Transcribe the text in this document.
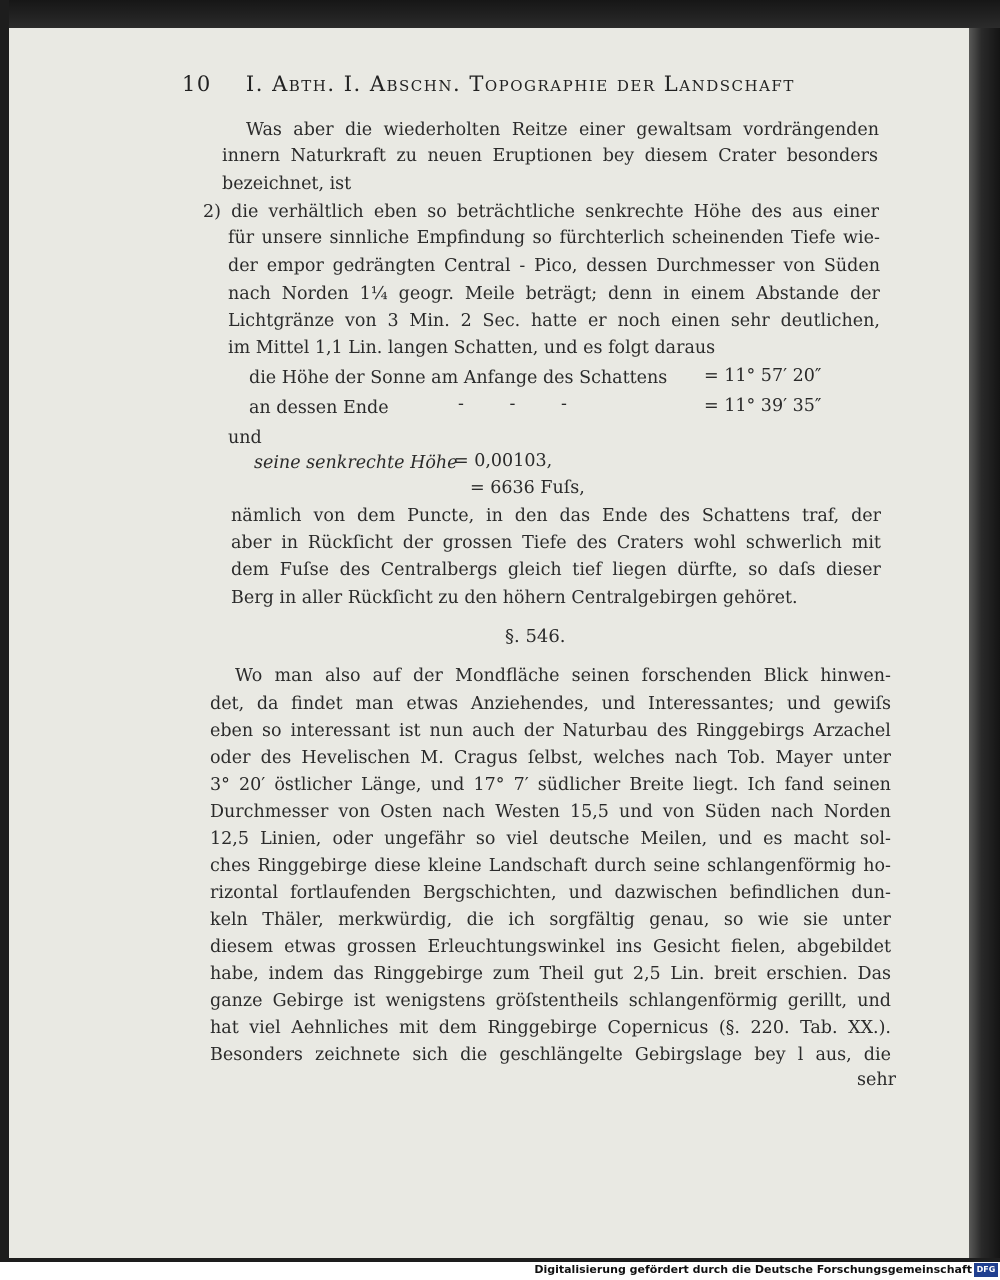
10 I. Abth. I. Abschn. Topographie der Landschaft
Was aber die wiederholten Reitze einer gewaltsam vordrängenden
innern Naturkraft zu neuen Eruptionen bey diesem Crater besonders
bezeichnet, ist
2) die verhältlich eben so beträchtliche senkrechte Höhe des aus einer
für unsere sinnliche Empfindung so fürchterlich scheinenden Tiefe wie-
der empor gedrängten Central - Pico, dessen Durchmesser von Süden
nach Norden 1¼ geogr. Meile beträgt; denn in einem Abstande der
Lichtgränze von 3 Min. 2 Sec. hatte er noch einen sehr deutlichen,
im Mittel 1,1 Lin. langen Schatten, und es folgt daraus
die Höhe der Sonne am Anfange des Schattens = 11° 57′ 20″
an dessen Ende	- - -	= 11° 39′ 35″
und
seine senkrechte Höhe
= 0,00103,
= 6636 Fuſs,
nämlich von dem Puncte, in den das Ende des Schattens traf, der
aber in Rückſicht der grossen Tiefe des Craters wohl schwerlich mit
dem Fuſse des Centralbergs gleich tief liegen dürfte, so daſs dieser
Berg in aller Rückſicht zu den höhern Centralgebirgen gehöret.
§. 546.
Wo man also auf der Mondfläche seinen forschenden Blick hinwen-
det, da findet man etwas Anziehendes, und Interessantes; und gewiſs
eben so interessant ist nun auch der Naturbau des Ringgebirgs Arzachel
oder des Hevelischen M. Cragus ſelbst, welches nach Tob. Mayer unter
3° 20′ östlicher Länge, und 17° 7′ südlicher Breite liegt. Ich fand seinen
Durchmesser von Osten nach Westen 15,5 und von Süden nach Norden
12,5 Linien, oder ungefähr so viel deutsche Meilen, und es macht sol-
ches Ringgebirge diese kleine Landschaft durch seine schlangenförmig ho-
rizontal fortlaufenden Bergschichten, und dazwischen befindlichen dun-
keln Thäler, merkwürdig, die ich sorgfältig genau, so wie sie unter
diesem etwas grossen Erleuchtungswinkel ins Gesicht fielen, abgebildet
habe, indem das Ringgebirge zum Theil gut 2,5 Lin. breit erschien. Das
ganze Gebirge ist wenigstens gröſstentheils schlangenförmig gerillt, und
hat viel Aehnliches mit dem Ringgebirge Copernicus (§. 220. Tab. XX.).
Besonders zeichnete sich die geschlängelte Gebirgslage bey l aus, die
sehr
Digitalisierung gefördert durch die Deutsche Forschungsgemeinschaft DFG
